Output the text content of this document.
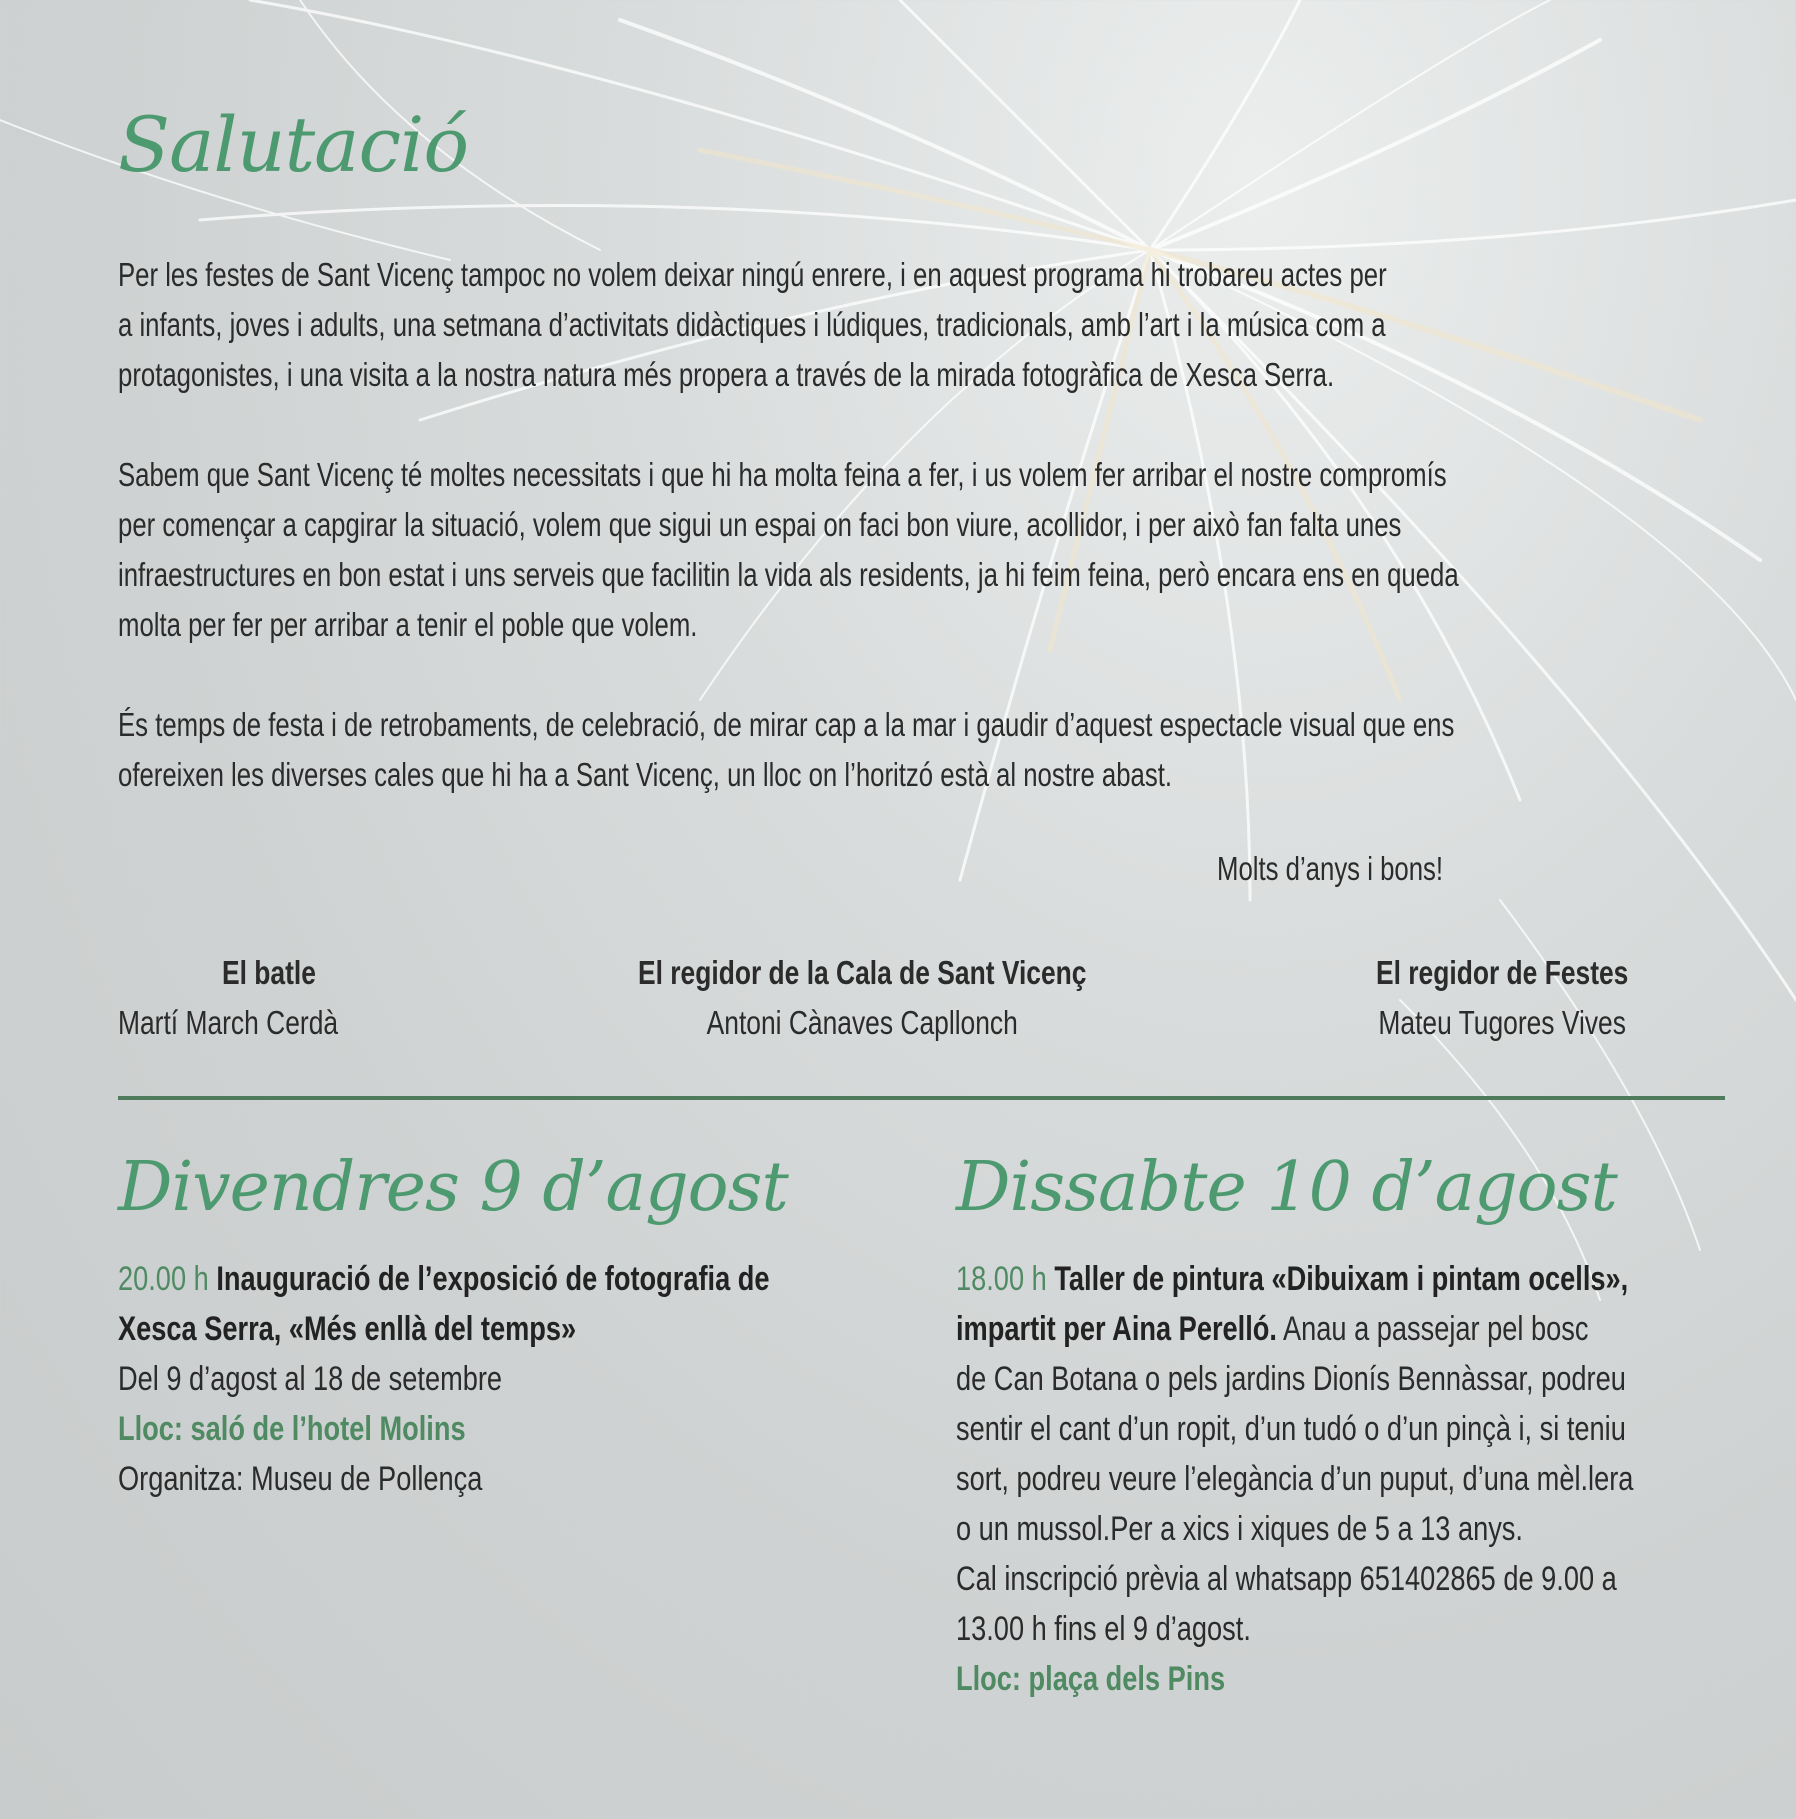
Salutació
Per les festes de Sant Vicenç tampoc no volem deixar ningú enrere, i en aquest programa hi trobareu actes per
a infants, joves i adults, una setmana d’activitats didàctiques i lúdiques, tradicionals, amb l’art i la música com a
protagonistes, i una visita a la nostra natura més propera a través de la mirada fotogràfica de Xesca Serra.
Sabem que Sant Vicenç té moltes necessitats i que hi ha molta feina a fer, i us volem fer arribar el nostre compromís
per començar a capgirar la situació, volem que sigui un espai on faci bon viure, acollidor, i per això fan falta unes
infraestructures en bon estat i uns serveis que facilitin la vida als residents, ja hi feim feina, però encara ens en queda
molta per fer per arribar a tenir el poble que volem.
És temps de festa i de retrobaments, de celebració, de mirar cap a la mar i gaudir d’aquest espectacle visual que ens
ofereixen les diverses cales que hi ha a Sant Vicenç, un lloc on l’horitzó està al nostre abast.
Molts d’anys i bons!
El batle
Martí March Cerdà
El regidor de la Cala de Sant Vicenç
Antoni Cànaves Capllonch
El regidor de Festes
Mateu Tugores Vives
Divendres 9 d’agost Dissabte 10 d’agost
20.00 h Inauguració de l’exposició de fotografia de
Xesca Serra, «Més enllà del temps»
Del 9 d’agost al 18 de setembre
Lloc: saló de l’hotel Molins
Organitza: Museu de Pollença
18.00 h Taller de pintura «Dibuixam i pintam ocells»,
impartit per Aina Perelló. Anau a passejar pel bosc
de Can Botana o pels jardins Dionís Bennàssar, podreu
sentir el cant d’un ropit, d’un tudó o d’un pinçà i, si teniu
sort, podreu veure l’elegància d’un puput, d’una mèl.lera
o un mussol.Per a xics i xiques de 5 a 13 anys.
Cal inscripció prèvia al whatsapp 651402865 de 9.00 a
13.00 h fins el 9 d’agost.
Lloc: plaça dels Pins
